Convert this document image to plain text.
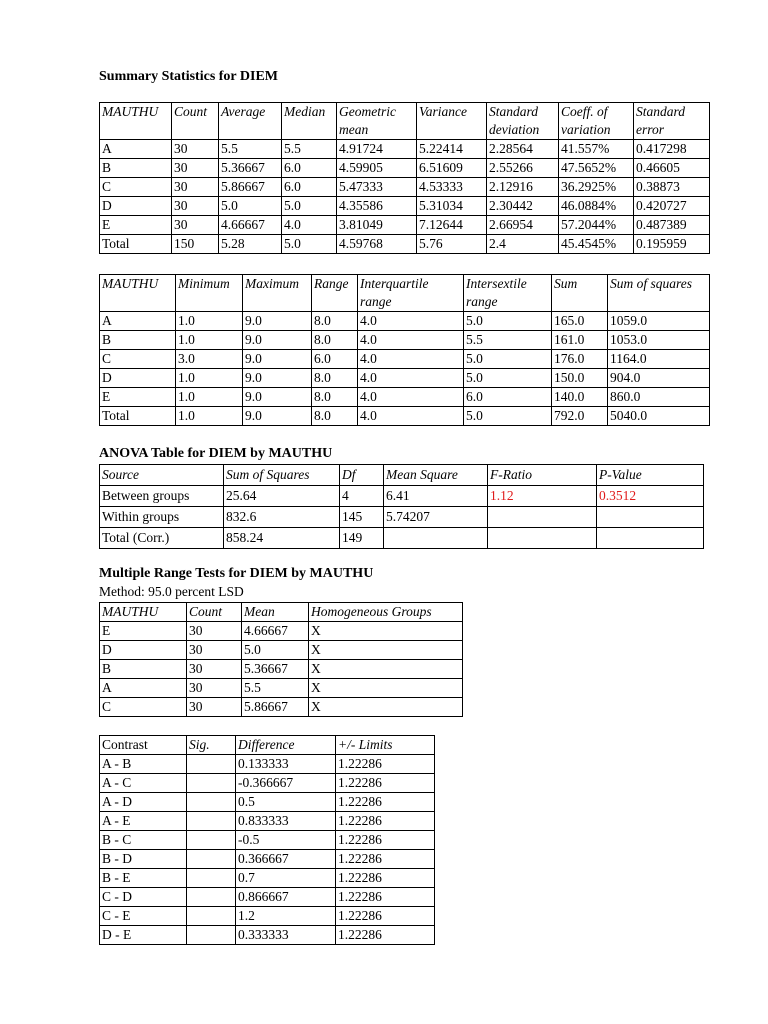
Summary Statistics for DIEM
MAUTHU	Count	Average	Median	Geometric mean	Variance	Standard deviation	Coeff. of variation	Standard error
A	30	5.5	5.5	4.91724	5.22414	2.28564	41.557%	0.417298
B	30	5.36667	6.0	4.59905	6.51609	2.55266	47.5652%	0.46605
C	30	5.86667	6.0	5.47333	4.53333	2.12916	36.2925%	0.38873
D	30	5.0	5.0	4.35586	5.31034	2.30442	46.0884%	0.420727
E	30	4.66667	4.0	3.81049	7.12644	2.66954	57.2044%	0.487389
Total	150	5.28	5.0	4.59768	5.76	2.4	45.4545%	0.195959
MAUTHU	Minimum	Maximum	Range	Interquartile range	Intersextile range	Sum	Sum of squares
A	1.0	9.0	8.0	4.0	5.0	165.0	1059.0
B	1.0	9.0	8.0	4.0	5.5	161.0	1053.0
C	3.0	9.0	6.0	4.0	5.0	176.0	1164.0
D	1.0	9.0	8.0	4.0	5.0	150.0	904.0
E	1.0	9.0	8.0	4.0	6.0	140.0	860.0
Total	1.0	9.0	8.0	4.0	5.0	792.0	5040.0
ANOVA Table for DIEM by MAUTHU
Source	Sum of Squares	Df	Mean Square	F-Ratio	P-Value
Between groups	25.64	4	6.41	1.12	0.3512
Within groups	832.6	145	5.74207		
Total (Corr.)	858.24	149			
Multiple Range Tests for DIEM by MAUTHU
Method: 95.0 percent LSD
MAUTHU	Count	Mean	Homogeneous Groups
E	30	4.66667	X
D	30	5.0	X
B	30	5.36667	X
A	30	5.5	X
C	30	5.86667	X
Contrast	Sig.	Difference	+/- Limits
A - B		0.133333	1.22286
A - C		-0.366667	1.22286
A - D		0.5	1.22286
A - E		0.833333	1.22286
B - C		-0.5	1.22286
B - D		0.366667	1.22286
B - E		0.7	1.22286
C - D		0.866667	1.22286
C - E		1.2	1.22286
D - E		0.333333	1.22286
